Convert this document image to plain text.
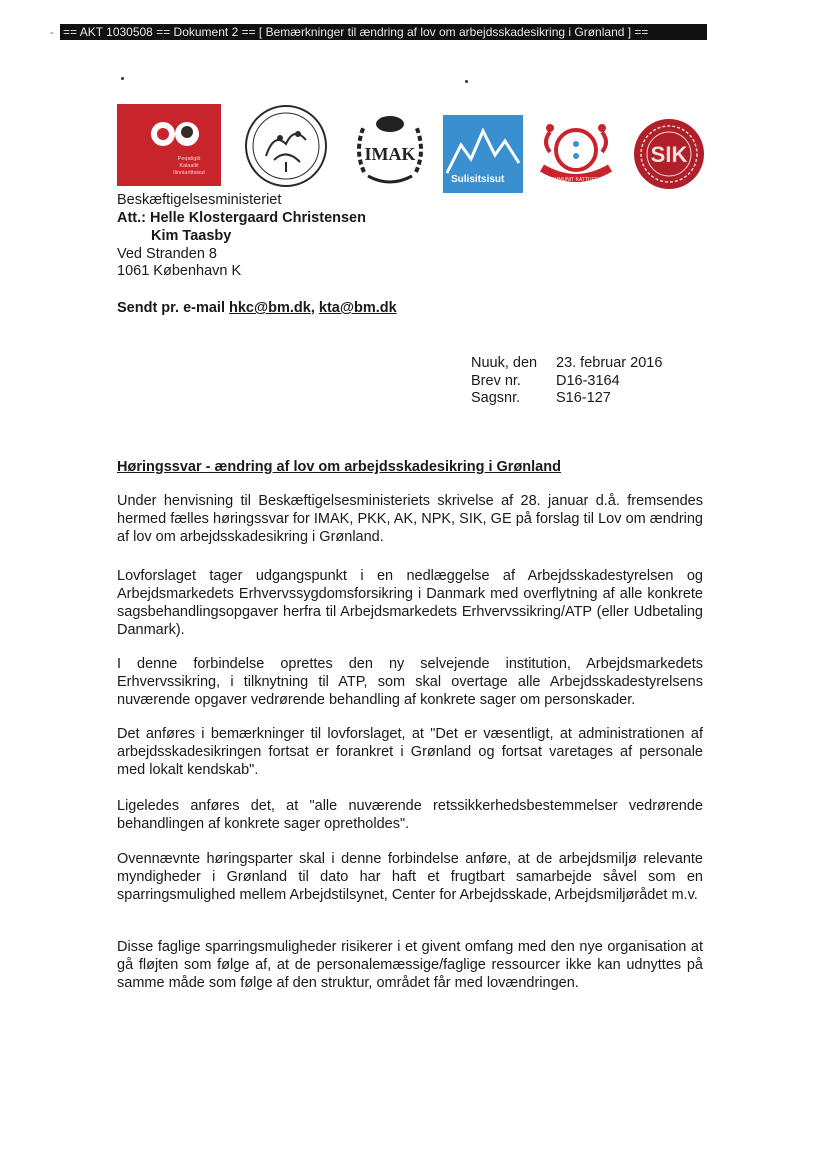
- == AKT 1030508 == Dokument 2 == [ Bemærkninger til ændring af lov om arbejdsskadesikring i Grønland ] ==
Peqatigiit
Kalaallit
Ilinniartitsisut
IMAK
Sulisitsisut	KOMMUNIT KATTUFFIAT
SIK
Beskæftigelsesministeriet
Att.: Helle Klostergaard Christensen
Kim Taasby
Ved Stranden 8
1061 København K
Sendt pr. e-mail hkc@bm.dk, kta@bm.dk
Nuuk, den 23. februar 2016
Brev nr. D16-3164
Sagsnr. S16-127
Høringssvar - ændring af lov om arbejdsskadesikring i Grønland

Under henvisning til Beskæftigelsesministeriets skrivelse af 28. januar d.å. fremsendes hermed fælles høringssvar for IMAK, PKK, AK, NPK, SIK, GE på forslag til Lov om ændring af lov om arbejdsskadesikring i Grønland.

Lovforslaget tager udgangspunkt i en nedlæggelse af Arbejdsskadestyrelsen og Arbejdsmarkedets Erhvervssygdomsforsikring i Danmark med overflytning af alle konkrete sagsbehandlingsopgaver herfra til Arbejdsmarkedets Erhvervssikring/ATP (eller Udbetaling Danmark).

I denne forbindelse oprettes den ny selvejende institution, Arbejdsmarkedets Erhvervssikring, i tilknytning til ATP, som skal overtage alle Arbejdsskadestyrelsens nuværende opgaver vedrørende behandling af konkrete sager om personskader.

Det anføres i bemærkninger til lovforslaget, at "Det er væsentligt, at administrationen af arbejdsskadesikringen fortsat er forankret i Grønland og fortsat varetages af personale med lokalt kendskab".

Ligeledes anføres det, at "alle nuværende retssikkerhedsbestemmelser vedrørende behandlingen af konkrete sager opretholdes".

Ovennævnte høringsparter skal i denne forbindelse anføre, at de arbejdsmiljø relevante myndigheder i Grønland til dato har haft et frugtbart samarbejde såvel som en sparringsmulighed mellem Arbejdstilsynet, Center for Arbejdsskade, Arbejdsmiljørådet m.v.

Disse faglige sparringsmuligheder risikerer i et givent omfang med den nye organisation at gå fløjten som følge af, at de personalemæssige/faglige ressourcer ikke kan udnyttes på samme måde som følge af den struktur, området får med lovændringen.
